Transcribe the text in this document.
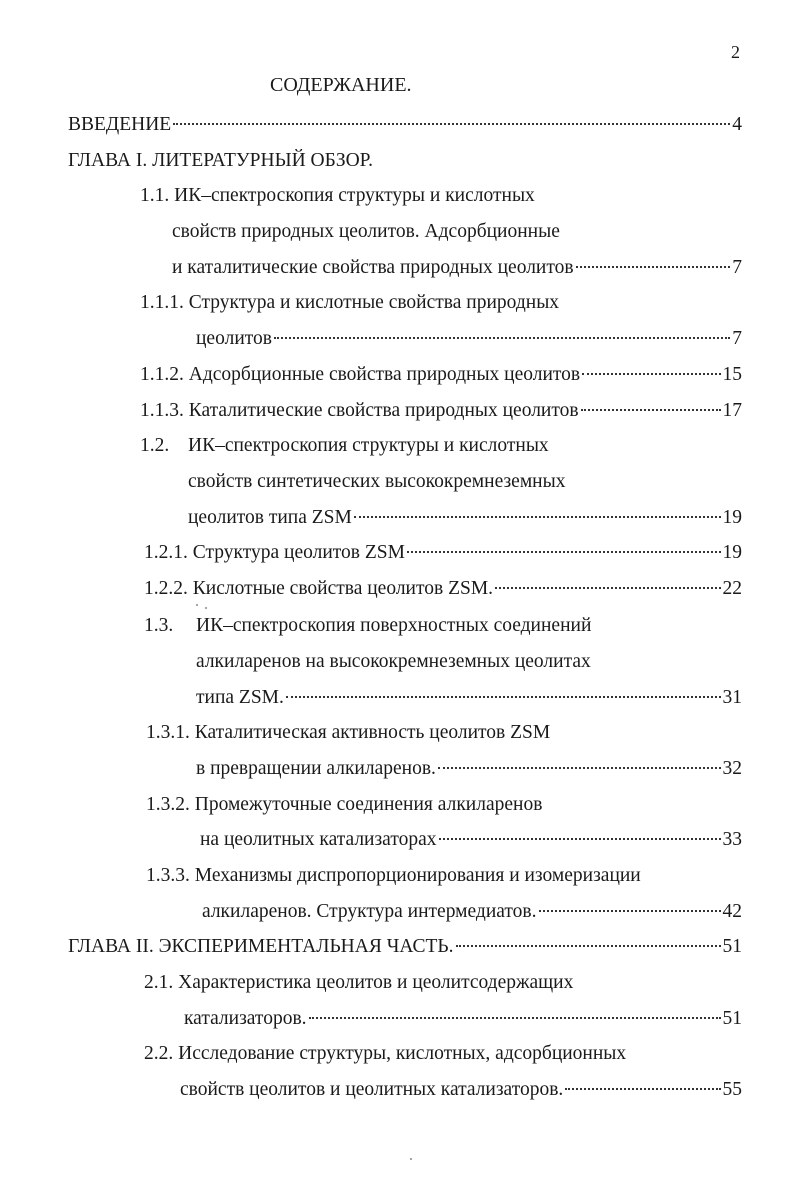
2
СОДЕРЖАНИЕ.
ВВЕДЕНИЕ	4
ГЛАВА I. ЛИТЕРАТУРНЫЙ ОБЗОР.
1.1. ИК–спектроскопия структуры и кислотных
свойств природных цеолитов. Адсорбционные
и каталитические свойства природных цеолитов	7
1.1.1. Структура и кислотные свойства природных
цеолитов	7
1.1.2. Адсорбционные свойства природных цеолитов	15
1.1.3. Каталитические свойства природных цеолитов	17
1.2. ИК–спектроскопия структуры и кислотных
свойств синтетических высококремнеземных
цеолитов типа ZSM	19
1.2.1. Структура цеолитов ZSM	19
1.2.2. Кислотные свойства цеолитов ZSM.	22
1.3. ИК–спектроскопия поверхностных соединений
алкиларенов на высококремнеземных цеолитах
типа ZSM.	31
1.3.1. Каталитическая активность цеолитов ZSM
в превращении алкиларенов.	32
1.3.2. Промежуточные соединения алкиларенов
на цеолитных катализаторах	33
1.3.3. Механизмы диспропорционирования и изомеризации
алкиларенов. Структура интермедиатов.	42
ГЛАВА II. ЭКСПЕРИМЕНТАЛЬНАЯ ЧАСТЬ.	51
2.1. Характеристика цеолитов и цеолитсодержащих
катализаторов.	51
2.2. Исследование структуры, кислотных, адсорбционных
свойств цеолитов и цеолитных катализаторов.	55
